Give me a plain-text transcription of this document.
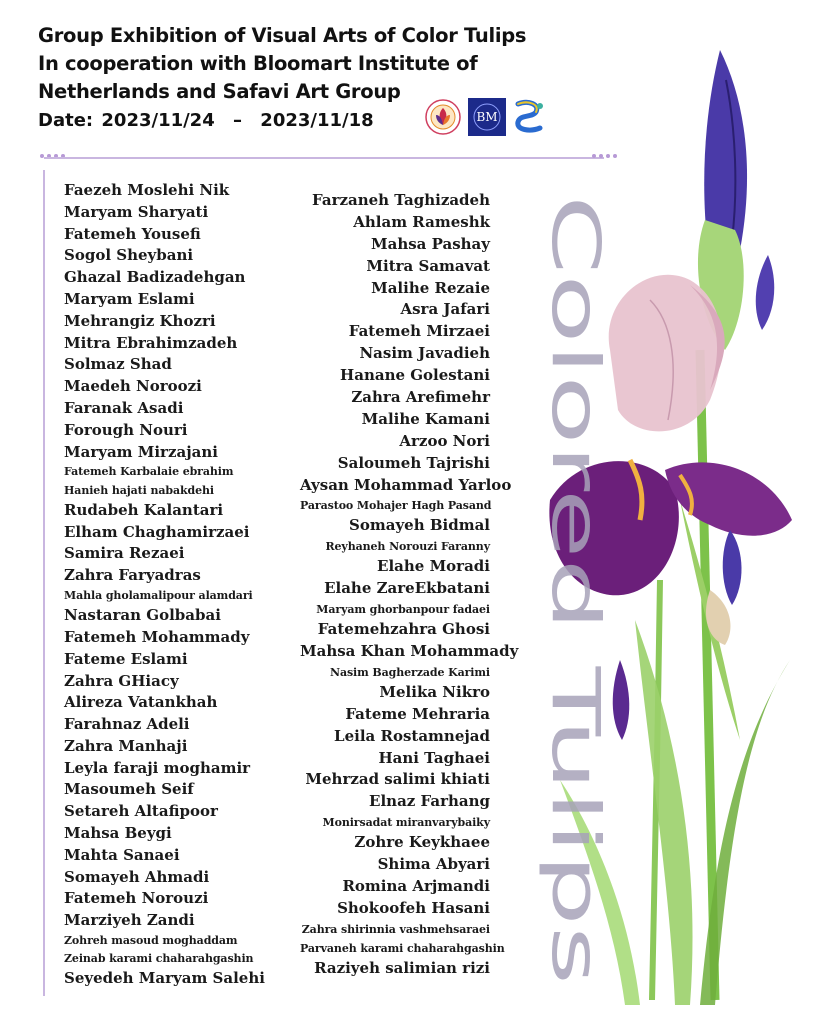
Group Exhibition of Visual Arts of Color Tulips
In cooperation with Bloomart Institute of
Netherlands and Safavi Art Group
Date: 2023/11/24 – 2023/11/18	BM
Faezeh Moslehi Nik
Maryam Sharyati
Fatemeh Yousefi
Sogol Sheybani
Ghazal Badizadehgan
Maryam Eslami
Mehrangiz Khozri
Mitra Ebrahimzadeh
Solmaz Shad
Maedeh Noroozi
Faranak Asadi
Forough Nouri
Maryam Mirzajani
Fatemeh Karbalaie ebrahim
Hanieh hajati nabakdehi
Rudabeh Kalantari
Elham Chaghamirzaei
Samira Rezaei
Zahra Faryadras
Mahla gholamalipour alamdari
Nastaran Golbabai
Fatemeh Mohammady
Fateme Eslami
Zahra GHiacy
Alireza Vatankhah
Farahnaz Adeli
Zahra Manhaji
Leyla faraji moghamir
Masoumeh Seif
Setareh Altafipoor
Mahsa Beygi
Mahta Sanaei
Somayeh Ahmadi
Fatemeh Norouzi
Marziyeh Zandi
Zohreh masoud moghaddam
Zeinab karami chaharahgashin
Seyedeh Maryam Salehi
Farzaneh Taghizadeh
Ahlam Rameshk
Mahsa Pashay
Mitra Samavat
Malihe Rezaie
Asra Jafari
Fatemeh Mirzaei
Nasim Javadieh
Hanane Golestani
Zahra Arefimehr
Malihe Kamani
Arzoo Nori
Saloumeh Tajrishi
Aysan Mohammad Yarloo
Parastoo Mohajer Hagh Pasand
Somayeh Bidmal
Reyhaneh Norouzi Faranny
Elahe Moradi
Elahe ZareEkbatani
Maryam ghorbanpour fadaei
Fatemehzahra Ghosi
Mahsa Khan Mohammady
Nasim Bagherzade Karimi
Melika Nikro
Fateme Mehraria
Leila Rostamnejad
Hani Taghaei
Mehrzad salimi khiati
Elnaz Farhang
Monirsadat miranvarybaiky
Zohre Keykhaee
Shima Abyari
Romina Arjmandi
Shokoofeh Hasani
Zahra shirinnia vashmehsaraei
Parvaneh karami chaharahgashin
Raziyeh salimian rizi
Colored Tulips
